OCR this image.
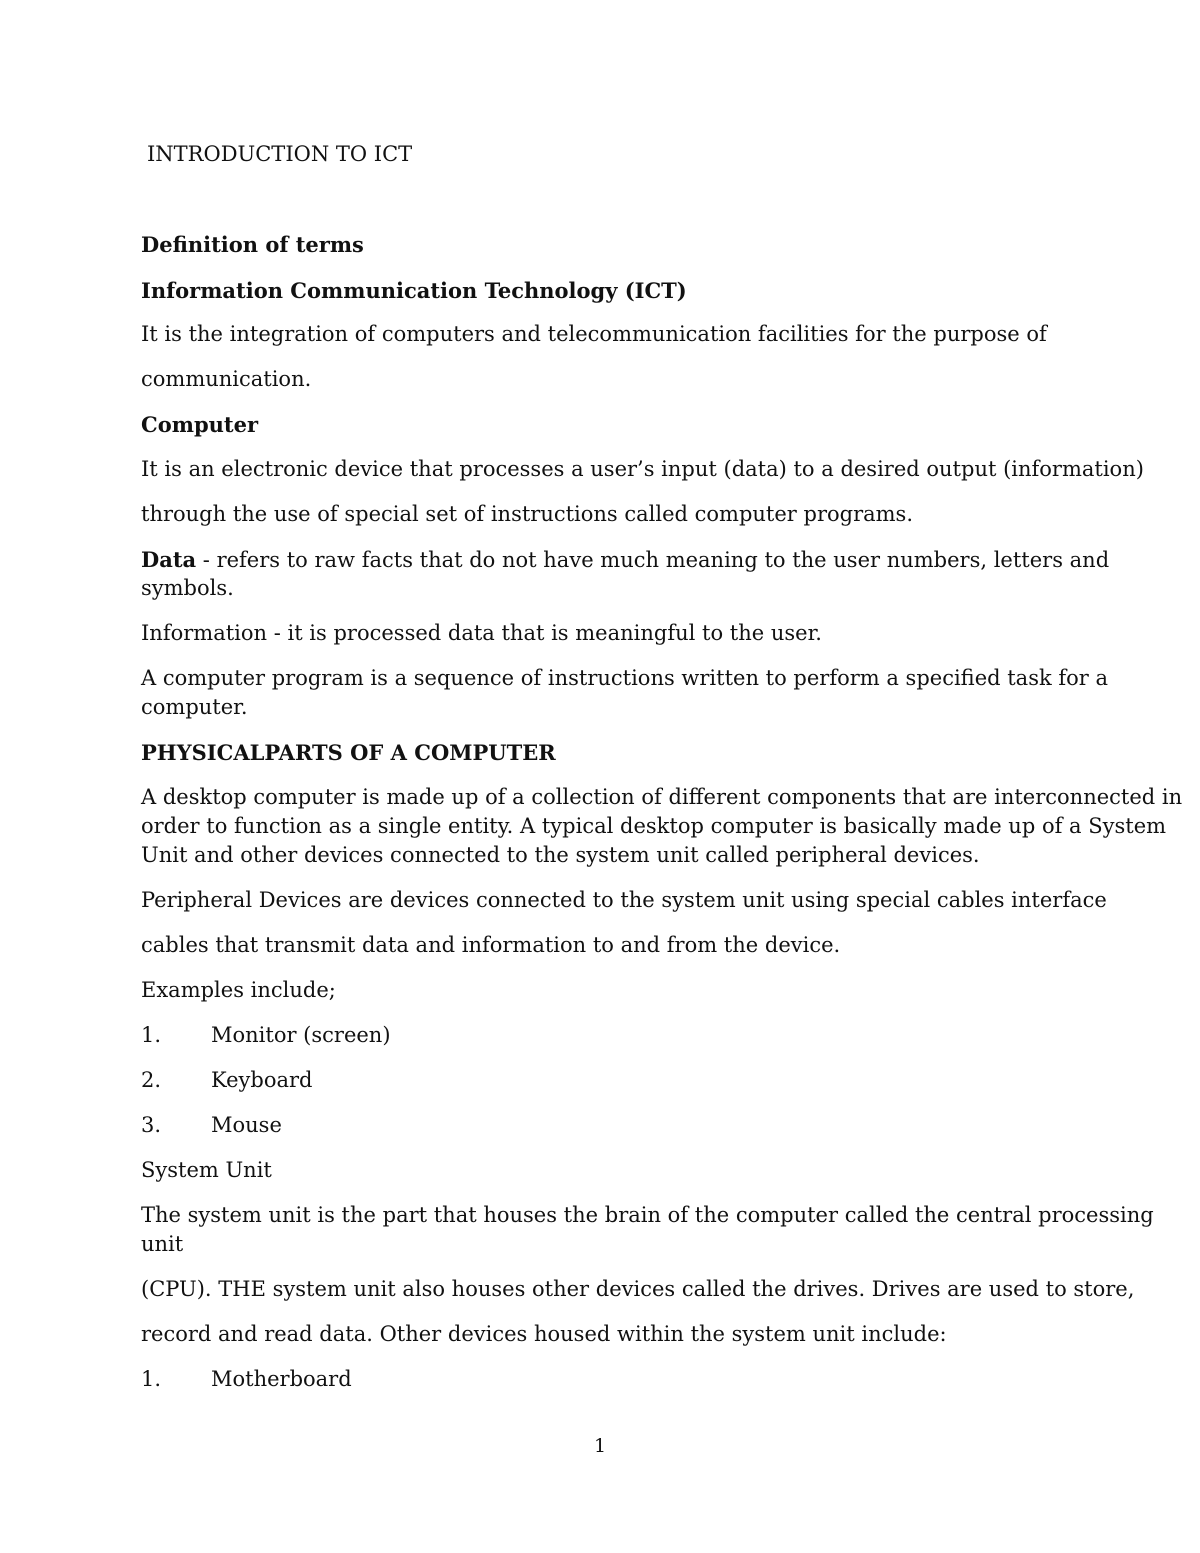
INTRODUCTION TO ICT
Definition of terms
Information Communication Technology (ICT)
It is the integration of computers and telecommunication facilities for the purpose of
communication.
Computer
It is an electronic device that processes a user’s input (data) to a desired output (information)
through the use of special set of instructions called computer programs.
Data - refers to raw facts that do not have much meaning to the user numbers, letters and
symbols.
Information - it is processed data that is meaningful to the user.
A computer program is a sequence of instructions written to perform a specified task for a
computer.
PHYSICALPARTS OF A COMPUTER
A desktop computer is made up of a collection of different components that are interconnected in
order to function as a single entity. A typical desktop computer is basically made up of a System
Unit and other devices connected to the system unit called peripheral devices.
Peripheral Devices are devices connected to the system unit using special cables interface
cables that transmit data and information to and from the device.
Examples include;
1. Monitor (screen)
2. Keyboard
3. Mouse
System Unit
The system unit is the part that houses the brain of the computer called the central processing
unit
(CPU). THE system unit also houses other devices called the drives. Drives are used to store,
record and read data. Other devices housed within the system unit include:
1. Motherboard
1
